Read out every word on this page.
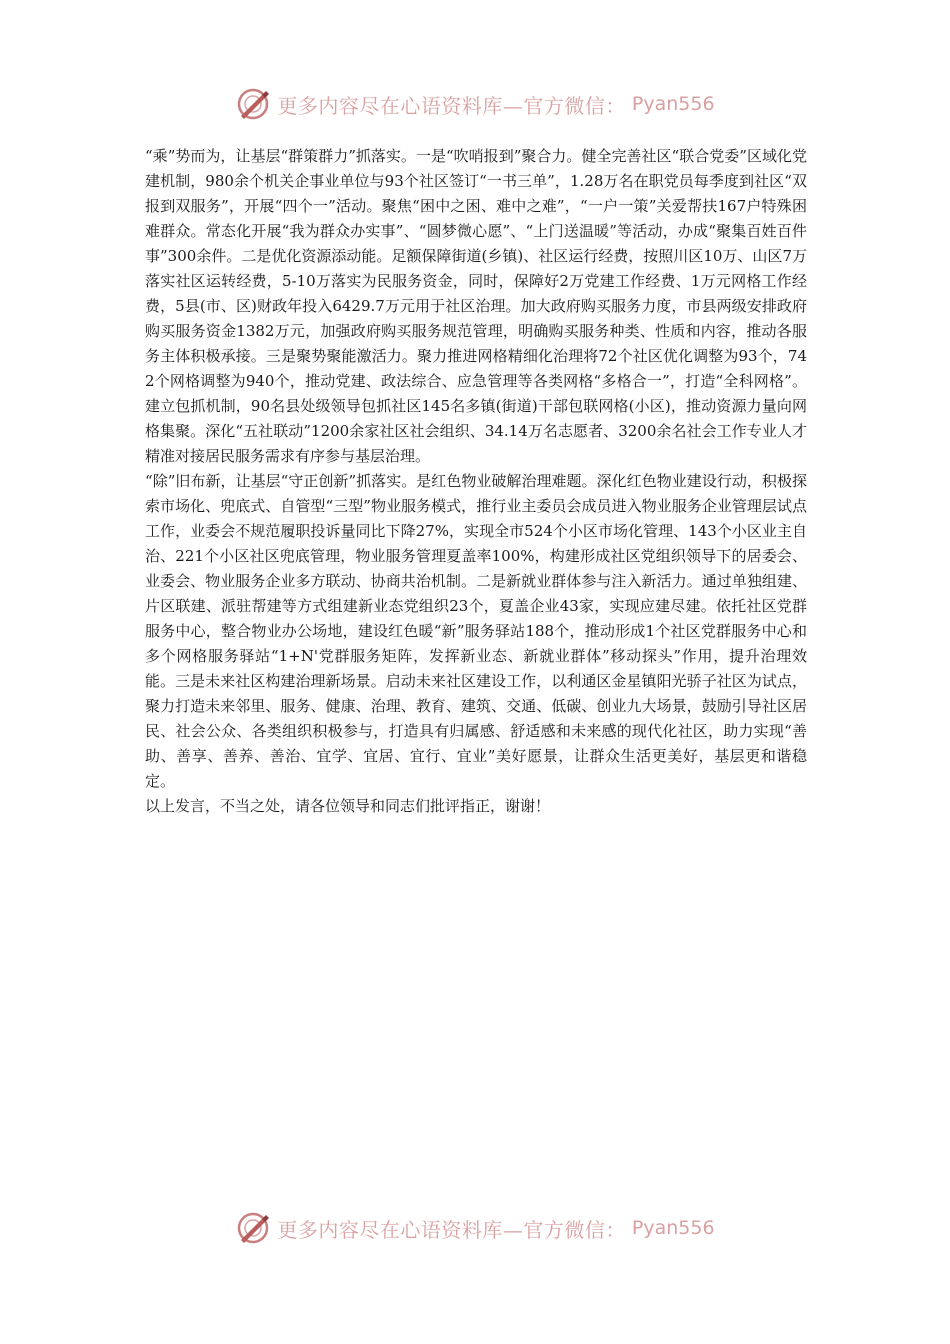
更多内容尽在心语资料库—官方微信： Pyan556

“乘”势而为，让基层“群策群力”抓落实。一是“吹哨报到”聚合力。健全完善社区“联合党委”区域化党建机制，980余个机关企事业单位与93个社区签订“一书三单”，1.28万名在职党员每季度到社区“双报到双服务”，开展“四个一”活动。聚焦“困中之困、难中之难”，“一户一策”关爱帮扶167户特殊困难群众。常态化开展“我为群众办实事”、“圆梦微心愿”、“上门送温暖”等活动，办成“聚集百姓百件事”300余件。二是优化资源添动能。足额保障街道(乡镇)、社区运行经费，按照川区10万、山区7万落实社区运转经费，5-10万落实为民服务资金，同时，保障好2万党建工作经费、1万元网格工作经费，5县(市、区)财政年投入6429.7万元用于社区治理。加大政府购买服务力度，市县两级安排政府购买服务资金1382万元，加强政府购买服务规范管理，明确购买服务种类、性质和内容，推动各服务主体积极承接。三是聚势聚能激活力。聚力推进网格精细化治理将72个社区优化调整为93个，742个网格调整为940个，推动党建、政法综合、应急管理等各类网格“多格合一”，打造“全科网格”。建立包抓机制，90名县处级领导包抓社区145名多镇(街道)干部包联网格(小区)，推动资源力量向网格集聚。深化“五社联动”1200余家社区社会组织、34.14万名志愿者、3200余名社会工作专业人才精准对接居民服务需求有序参与基层治理。

“除”旧布新，让基层“守正创新”抓落实。是红色物业破解治理难题。深化红色物业建设行动，积极探索市场化、兜底式、自管型“三型”物业服务模式，推行业主委员会成员进入物业服务企业管理层试点工作，业委会不规范履职投诉量同比下降27%，实现全市524个小区市场化管理、143个小区业主自治、221个小区社区兜底管理，物业服务管理夏盖率100%，构建形成社区党组织领导下的居委会、业委会、物业服务企业多方联动、协商共治机制。二是新就业群体参与注入新活力。通过单独组建、片区联建、派驻帮建等方式组建新业态党组织23个，夏盖企业43家，实现应建尽建。依托社区党群服务中心，整合物业办公场地，建设红色暖“新”服务驿站188个，推动形成1个社区党群服务中心和多个网格服务驿站“1+N'党群服务矩阵，发挥新业态、新就业群体”移动探头”作用，提升治理效能。三是未来社区构建治理新场景。启动未来社区建设工作，以利通区金星镇阳光骄子社区为试点，聚力打造未来邻里、服务、健康、治理、教育、建筑、交通、低碳、创业九大场景，鼓励引导社区居民、社会公众、各类组织积极参与，打造具有归属感、舒适感和未来感的现代化社区，助力实现“善助、善享、善养、善治、宜学、宜居、宜行、宜业”美好愿景，让群众生活更美好，基层更和谐稳定。

以上发言，不当之处，请各位领导和同志们批评指正，谢谢！

更多内容尽在心语资料库—官方微信： Pyan556
